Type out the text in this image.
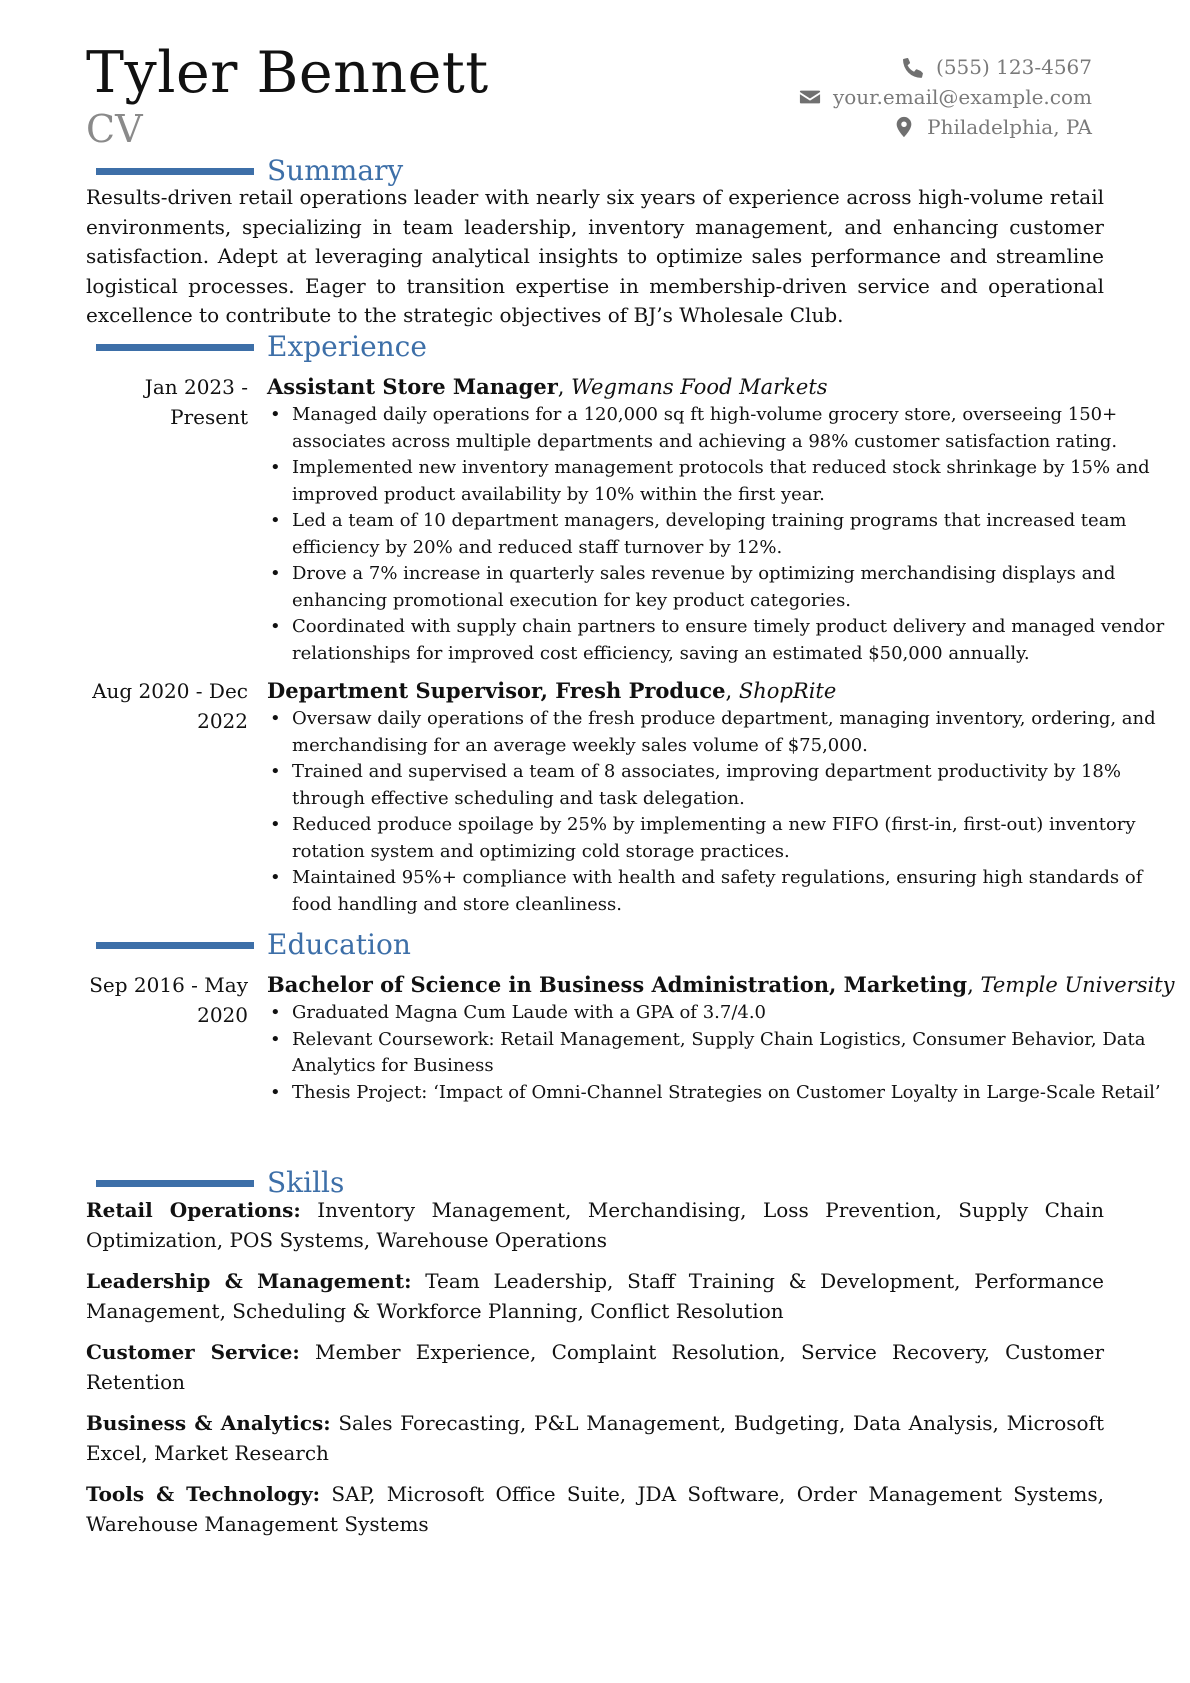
Tyler Bennett
CV
(555) 123-4567
your.email@example.com
Philadelphia, PA
Summary
Results-driven retail operations leader with nearly six years of experience across high-volume retail environments, specializing in team leadership, inventory management, and enhancing customer satisfaction. Adept at leveraging analytical insights to optimize sales performance and streamline logistical processes. Eager to transition expertise in membership-driven service and operational excellence to contribute to the strategic objectives of BJ’s Wholesale Club.
Experience
Jan 2023 - Present
Assistant Store Manager, Wegmans Food Markets
• Managed daily operations for a 120,000 sq ft high-volume grocery store, overseeing 150+ associates across multiple departments and achieving a 98% customer satisfaction rating.
• Implemented new inventory management protocols that reduced stock shrinkage by 15% and improved product availability by 10% within the first year.
• Led a team of 10 department managers, developing training programs that increased team efficiency by 20% and reduced staff turnover by 12%.
• Drove a 7% increase in quarterly sales revenue by optimizing merchandising displays and enhancing promotional execution for key product categories.
• Coordinated with supply chain partners to ensure timely product delivery and managed vendor relationships for improved cost efficiency, saving an estimated $50,000 annually.
Aug 2020 - Dec 2022
Department Supervisor, Fresh Produce, ShopRite
• Oversaw daily operations of the fresh produce department, managing inventory, ordering, and merchandising for an average weekly sales volume of $75,000.
• Trained and supervised a team of 8 associates, improving department productivity by 18% through effective scheduling and task delegation.
• Reduced produce spoilage by 25% by implementing a new FIFO (first-in, first-out) inventory rotation system and optimizing cold storage practices.
• Maintained 95%+ compliance with health and safety regulations, ensuring high standards of food handling and store cleanliness.
Education
Sep 2016 - May 2020
Bachelor of Science in Business Administration, Marketing, Temple University
• Graduated Magna Cum Laude with a GPA of 3.7/4.0
• Relevant Coursework: Retail Management, Supply Chain Logistics, Consumer Behavior, Data Analytics for Business
• Thesis Project: ‘Impact of Omni-Channel Strategies on Customer Loyalty in Large-Scale Retail’
Skills
Retail Operations: Inventory Management, Merchandising, Loss Prevention, Supply Chain Optimization, POS Systems, Warehouse Operations
Leadership & Management: Team Leadership, Staff Training & Development, Performance Management, Scheduling & Workforce Planning, Conflict Resolution
Customer Service: Member Experience, Complaint Resolution, Service Recovery, Customer Retention
Business & Analytics: Sales Forecasting, P&L Management, Budgeting, Data Analysis, Microsoft Excel, Market Research
Tools & Technology: SAP, Microsoft Office Suite, JDA Software, Order Management Systems, Warehouse Management Systems
